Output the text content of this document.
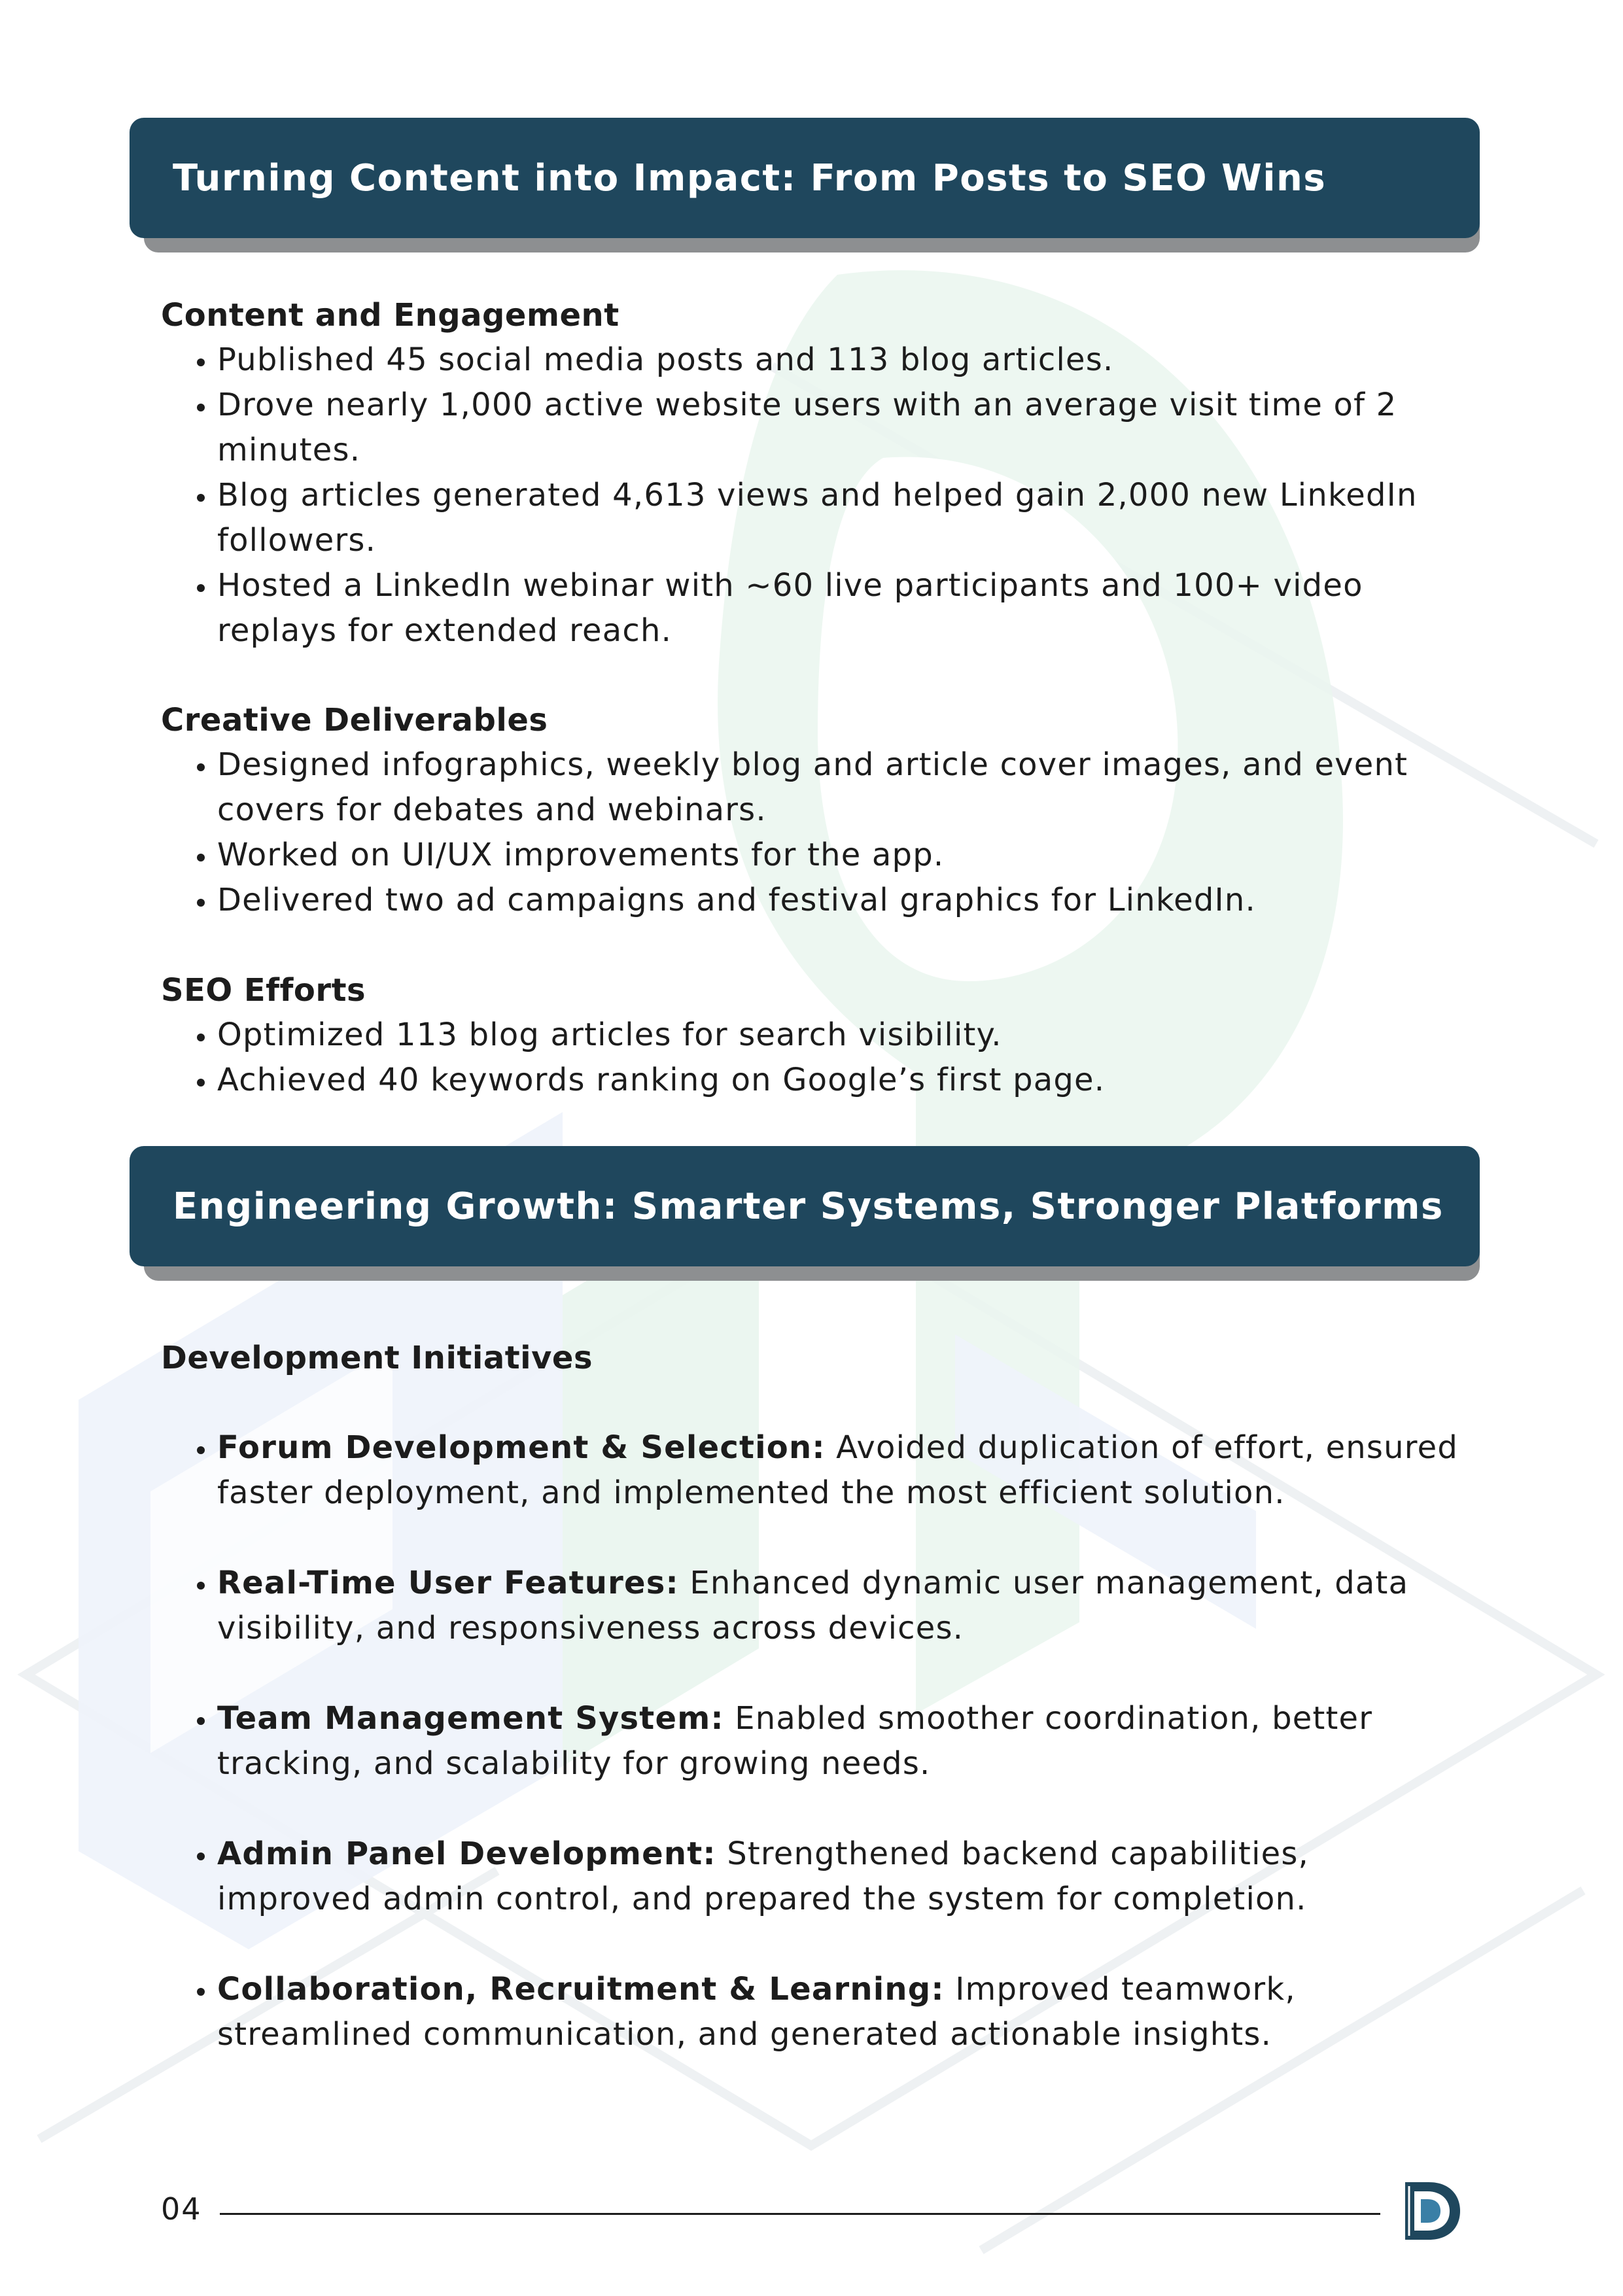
Turning Content into Impact: From Posts to SEO Wins
Content and Engagement
• Published 45 social media posts and 113 blog articles.
• Drove nearly 1,000 active website users with an average visit time of 2 minutes.
• Blog articles generated 4,613 views and helped gain 2,000 new LinkedIn followers.
• Hosted a LinkedIn webinar with ~60 live participants and 100+ video replays for extended reach.
Creative Deliverables
• Designed infographics, weekly blog and article cover images, and event covers for debates and webinars.
• Worked on UI/UX improvements for the app.
• Delivered two ad campaigns and festival graphics for LinkedIn.
SEO Efforts
• Optimized 113 blog articles for search visibility.
• Achieved 40 keywords ranking on Google’s first page.
Engineering Growth: Smarter Systems, Stronger Platforms
Development Initiatives
• Forum Development & Selection: Avoided duplication of effort, ensured faster deployment, and implemented the most efficient solution.
• Real-Time User Features: Enhanced dynamic user management, data visibility, and responsiveness across devices.
• Team Management System: Enabled smoother coordination, better tracking, and scalability for growing needs.
• Admin Panel Development: Strengthened backend capabilities, improved admin control, and prepared the system for completion.
• Collaboration, Recruitment & Learning: Improved teamwork, streamlined communication, and generated actionable insights.
04
